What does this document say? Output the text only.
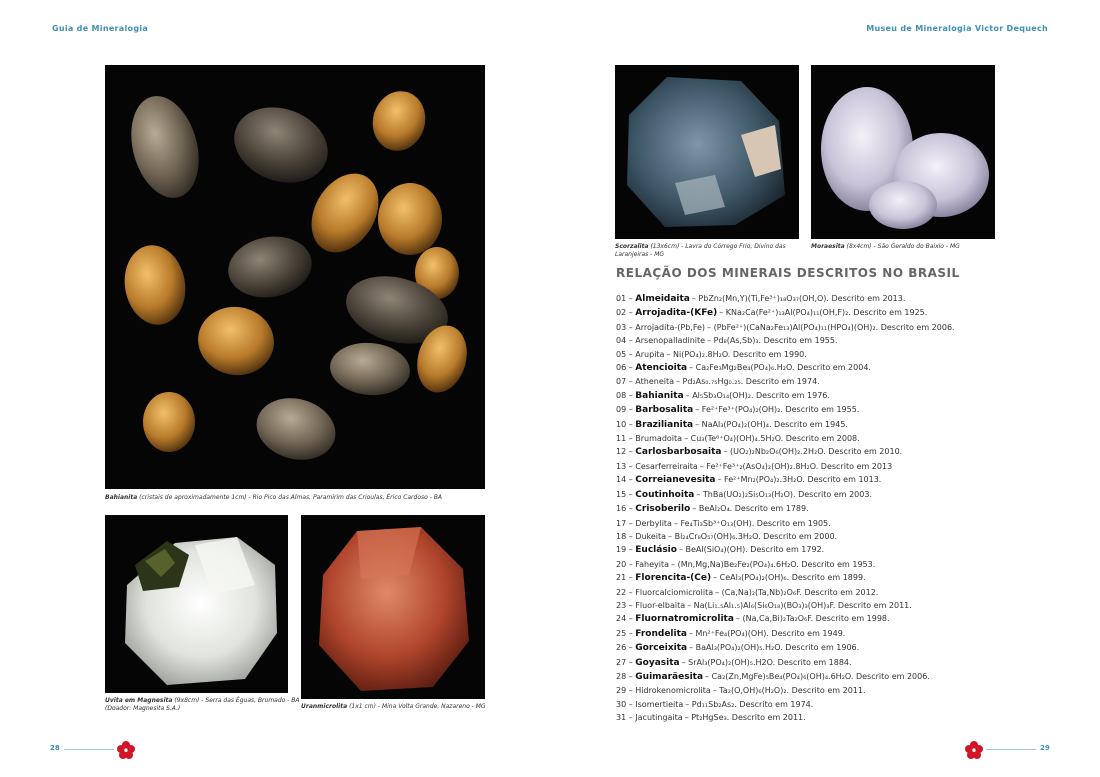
Guia de Mineralogia	Museu de Mineralogia Victor Dequech
Bahianita (cristais de aproximadamente 1cm) - Rio Pico das Almas, Paramirim das Crioulas, Érico Cardoso - BA
Uvita em Magnesita (9x8cm) - Serra das Éguas, Brumado - BA (Doador: Magnesita S.A.)	Uranmicrolita (1x1 cm) - Mina Volta Grande, Nazareno - MG
Scorzalita (13x6cm) - Lavra do Córrego Frio, Divino das Laranjeiras - MG
Moraesita (8x4cm) - São Geraldo do Baixio - MG
RELAÇÃO DOS MINERAIS DESCRITOS NO BRASIL
01 – Almeidaita – PbZn₂(Mn,Y)(Ti,Fe³⁺)₁₈O₃₇(OH,O). Descrito em 2013.
02 – Arrojadita-(KFe) – KNa₂Ca(Fe²⁺)₁₃Al(PO₄)₁₁(OH,F)₂. Descrito em 1925.
03 – Arrojadita-(Pb,Fe) – (PbFe²⁺)(CaNa₂Fe₁₃)Al(PO₄)₁₁(HPO₄)(OH)₂. Descrito em 2006.
04 – Arsenopalladinite – Pd₈(As,Sb)₃. Descrito em 1955.
05 – Arupita – Ni(PO₄)₂.8H₂O. Descrito em 1990.
06 – Atencioita – Ca₂Fe₃Mg₂Be₄(PO₄)₆.H₂O. Descrito em 2004.
07 – Atheneita – Pd₂As₀.₇₅Hg₀.₂₅. Descrito em 1974.
08 – Bahianita – Al₅Sb₃O₁₄(OH)₂. Descrito em 1976.
09 – Barbosalita – Fe²⁺Fe³⁺(PO₄)₂(OH)₂. Descrito em 1955.
10 – Brazilianita – NaAl₃(PO₄)₂(OH)₄. Descrito em 1945.
11 – Brumadoita – Cu₃(Te⁶⁺O₄)(OH)₄.5H₂O. Descrito em 2008.
12 – Carlosbarbosaita – (UO₂)₂Nb₂O₆(OH)₂.2H₂O. Descrito em 2010.
13 – Cesarferreiraita – Fe²⁺Fe³⁺₂(AsO₄)₂(OH)₂.8H₂O. Descrito em 2013
14 – Correianevesita – Fe²⁺Mn₂(PO₄)₂.3H₂O. Descrito em 1013.
15 – Coutinhoita – ThBa(UO₂)₂Si₅O₁₃(H₂O). Descrito em 2003.
16 – Crisoberilo – BeAl₂O₄. Descrito em 1789.
17 – Derbylita – Fe₄Ti₃Sb³⁺O₁₃(OH). Descrito em 1905.
18 – Dukeita – Bi₂₄Cr₈O₅₇(OH)₆.3H₂O. Descrito em 2000.
19 – Euclásio – BeAl(SiO₄)(OH). Descrito em 1792.
20 – Faheyita – (Mn,Mg,Na)Be₂Fe₂(PO₄)₄.6H₂O. Descrito em 1953.
21 – Florencita-(Ce) – CeAl₃(PO₄)₂(OH)₆. Descrito em 1899.
22 – Fluorcalciomicrolita – (Ca,Na)₂(Ta,Nb)₂O₆F. Descrito em 2012.
23 – Fluor-elbaita – Na(Li₁.₅Al₁.₅)Al₆(Si₆O₁₈)(BO₃)₃(OH)₃F. Descrito em 2011.
24 – Fluornatromicrolita – (Na,Ca,Bi)₂Ta₂O₆F. Descrito em 1998.
25 – Frondelita – Mn²⁺Fe₄(PO₄)(OH). Descrito em 1949.
26 – Gorceixita – BaAl₃(PO₄)₂(OH)₅.H₂O. Descrito em 1906.
27 – Goyasita – SrAl₃(PO₄)₂(OH)₅.H2O. Descrito em 1884.
28 – Guimarãesita – Ca₂(Zn,MgFe)₅Be₄(PO₄)₆(OH)₄.6H₂O. Descrito em 2006.
29 – Hidrokenomicrolita – Ta₂(O,OH)₆(H₂O)₂. Descrito em 2011.
30 – Isomertieita – Pd₁₁Sb₂As₂. Descrito em 1974.
31 – Jacutingaita – Pt₂HgSe₃. Descrito em 2011.
28	29
